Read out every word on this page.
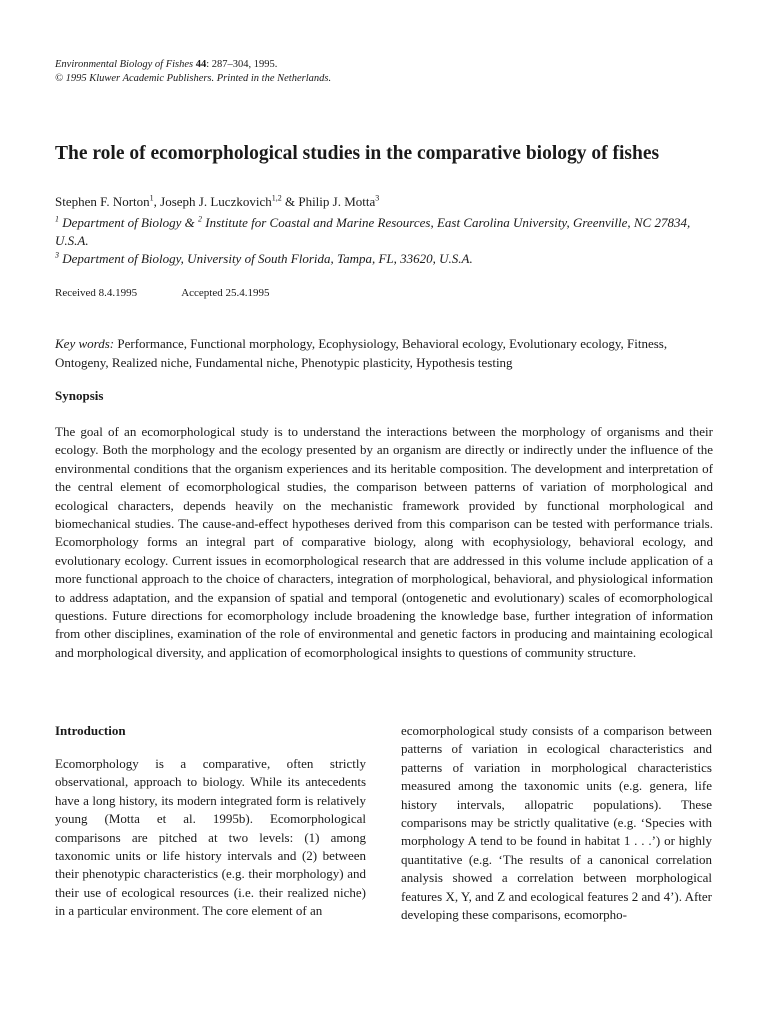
Environmental Biology of Fishes 44: 287–304, 1995.
© 1995 Kluwer Academic Publishers. Printed in the Netherlands.
The role of ecomorphological studies in the comparative biology of fishes
Stephen F. Norton$^1$, Joseph J. Luczkovich$^{1,2}$ & Philip J. Motta$^3$
$^1$ Department of Biology & $^2$ Institute for Coastal and Marine Resources, East Carolina University, Greenville, NC 27834, U.S.A.
$^3$ Department of Biology, University of South Florida, Tampa, FL, 33620, U.S.A.
Received 8.4.1995	Accepted 25.4.1995
Key words: Performance, Functional morphology, Ecophysiology, Behavioral ecology, Evolutionary ecology, Fitness, Ontogeny, Realized niche, Fundamental niche, Phenotypic plasticity, Hypothesis testing
Synopsis
The goal of an ecomorphological study is to understand the interactions between the morphology of organisms and their ecology. Both the morphology and the ecology presented by an organism are directly or indirectly under the influence of the environmental conditions that the organism experiences and its heritable composition. The development and interpretation of the central element of ecomorphological studies, the comparison between patterns of variation of morphological and ecological characters, depends heavily on the mechanistic framework provided by functional morphological and biomechanical studies. The cause-and-effect hypotheses derived from this comparison can be tested with performance trials. Ecomorphology forms an integral part of comparative biology, along with ecophysiology, behavioral ecology, and evolutionary ecology. Current issues in ecomorphological research that are addressed in this volume include application of a more functional approach to the choice of characters, integration of morphological, behavioral, and physiological information to address adaptation, and the expansion of spatial and temporal (ontogenetic and evolutionary) scales of ecomorphological questions. Future directions for ecomorphology include broadening the knowledge base, further integration of information from other disciplines, examination of the role of environmental and genetic factors in producing and maintaining ecological and morphological diversity, and application of ecomorphological insights to questions of community structure.
Introduction
Ecomorphology is a comparative, often strictly observational, approach to biology. While its antecedents have a long history, its modern integrated form is relatively young (Motta et al. 1995b). Ecomorphological comparisons are pitched at two levels: (1) among taxonomic units or life history intervals and (2) between their phenotypic characteristics (e.g. their morphology) and their use of ecological resources (i.e. their realized niche) in a particular environment. The core element of an
ecomorphological study consists of a comparison between patterns of variation in ecological characteristics and patterns of variation in morphological characteristics measured among the taxonomic units (e.g. genera, life history intervals, allopatric populations). These comparisons may be strictly qualitative (e.g. ‘Species with morphology A tend to be found in habitat 1 . . .’) or highly quantitative (e.g. ‘The results of a canonical correlation analysis showed a correlation between morphological features X, Y, and Z and ecological features 2 and 4’). After developing these comparisons, ecomorpho-
